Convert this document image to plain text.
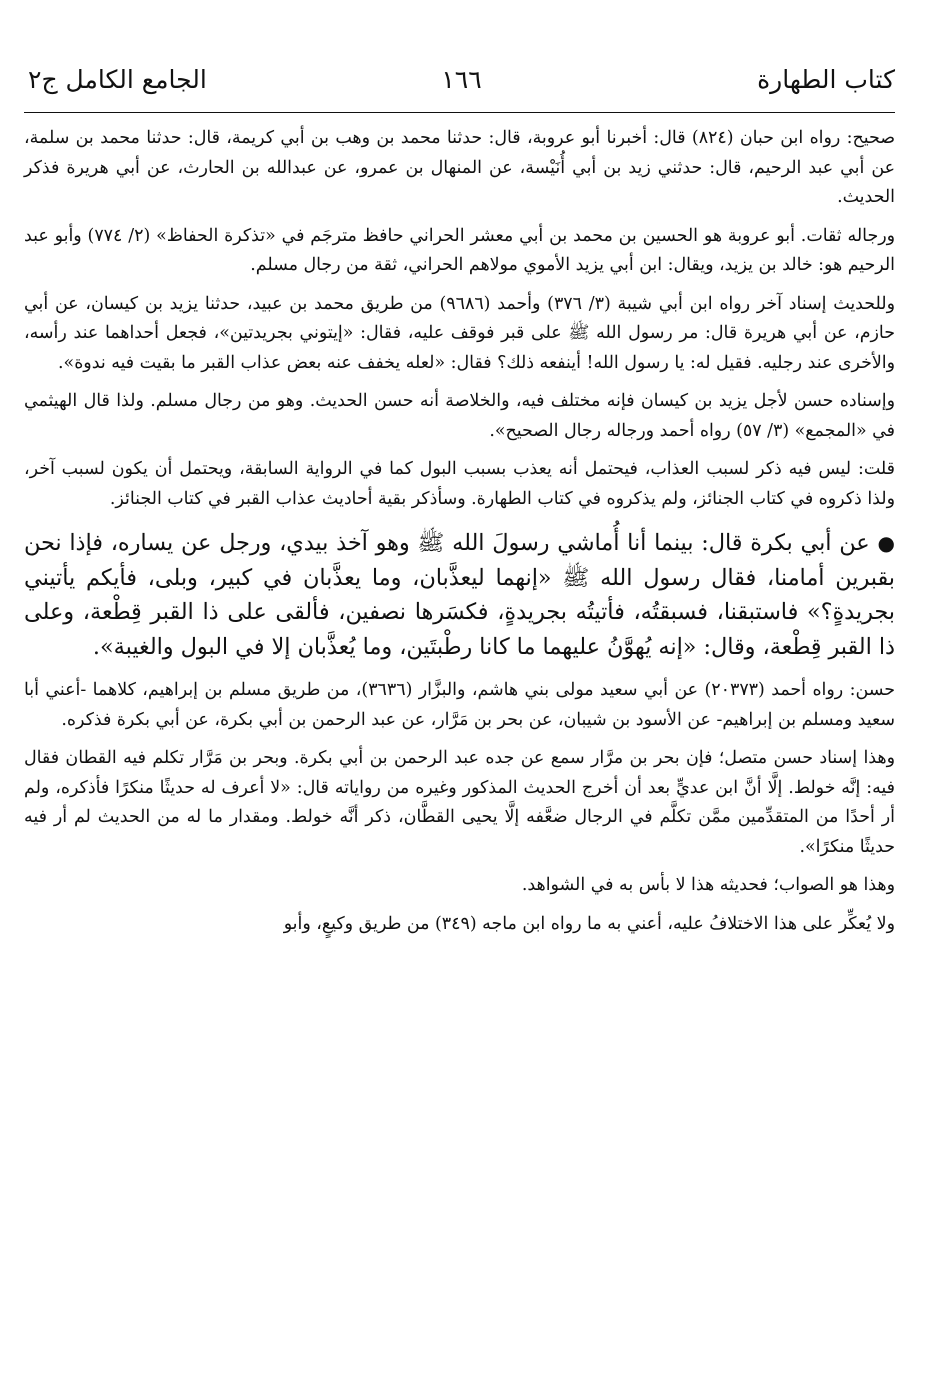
كتاب الطهارة
١٦٦
الجامع الكامل ج٢

صحيح: رواه ابن حبان (٨٢٤) قال: أخبرنا أبو عروبة، قال: حدثنا محمد بن وهب بن أبي كريمة، قال: حدثنا محمد بن سلمة، عن أبي عبد الرحيم، قال: حدثني زيد بن أبي أُنَيْسة، عن المنهال بن عمرو، عن عبدالله بن الحارث، عن أبي هريرة فذكر الحديث.

ورجاله ثقات. أبو عروبة هو الحسين بن محمد بن أبي معشر الحراني حافظ مترجَم في «تذكرة الحفاظ» (٢/ ٧٧٤) وأبو عبد الرحيم هو: خالد بن يزيد، ويقال: ابن أبي يزيد الأموي مولاهم الحراني، ثقة من رجال مسلم.

وللحديث إسناد آخر رواه ابن أبي شيبة (٣/ ٣٧٦) وأحمد (٩٦٨٦) من طريق محمد بن عبيد، حدثنا يزيد بن كيسان، عن أبي حازم، عن أبي هريرة قال: مر رسول الله ﷺ على قبر فوقف عليه، فقال: «إيتوني بجريدتين»، فجعل أحداهما عند رأسه، والأخرى عند رجليه. فقيل له: يا رسول الله! أينفعه ذلك؟ فقال: «لعله يخفف عنه بعض عذاب القبر ما بقيت فيه ندوة».

وإسناده حسن لأجل يزيد بن كيسان فإنه مختلف فيه، والخلاصة أنه حسن الحديث. وهو من رجال مسلم. ولذا قال الهيثمي في «المجمع» (٣/ ٥٧) رواه أحمد ورجاله رجال الصحيح».

قلت: ليس فيه ذكر لسبب العذاب، فيحتمل أنه يعذب بسبب البول كما في الرواية السابقة، ويحتمل أن يكون لسبب آخر، ولذا ذكروه في كتاب الجنائز، ولم يذكروه في كتاب الطهارة. وسأذكر بقية أحاديث عذاب القبر في كتاب الجنائز.

●عن أبي بكرة قال: بينما أنا أُماشي رسولَ الله ﷺ وهو آخذ بيدي، ورجل عن يساره، فإذا نحن بقبرين أمامنا، فقال رسول الله ﷺ «إنهما ليعذَّبان، وما يعذَّبان في كبير، وبلى، فأيكم يأتيني بجريدةٍ؟» فاستبقنا، فسبقتُه، فأتيتُه بجريدةٍ، فكسَرها نصفين، فألقى على ذا القبر قِطْعة، وعلى ذا القبر قِطْعة، وقال: «إنه يُهوَّنُ عليهما ما كانا رطْبتَين، وما يُعذَّبان إلا في البول والغيبة».

حسن: رواه أحمد (٢٠٣٧٣) عن أبي سعيد مولى بني هاشم، والبزَّار (٣٦٣٦)، من طريق مسلم بن إبراهيم، كلاهما -أعني أبا سعيد ومسلم بن إبراهيم- عن الأسود بن شيبان، عن بحر بن مَرَّار، عن عبد الرحمن بن أبي بكرة، عن أبي بكرة فذكره.

وهذا إسناد حسن متصل؛ فإن بحر بن مرَّار سمع عن جده عبد الرحمن بن أبي بكرة. وبحر بن مَرَّار تكلم فيه القطان فقال فيه: إنَّه خولط. إلَّا أنَّ ابن عديٍّ بعد أن أخرج الحديث المذكور وغيره من رواياته قال: «لا أعرف له حديثًا منكرًا فأذكره، ولم أر أحدًا من المتقدِّمين ممَّن تكلَّم في الرجال ضعَّفه إلَّا يحيى القطَّان، ذكر أنَّه خولط. ومقدار ما له من الحديث لم أر فيه حديثًا منكرًا».

وهذا هو الصواب؛ فحديثه هذا لا بأس به في الشواهد.

ولا يُعكِّر على هذا الاختلافُ عليه، أعني به ما رواه ابن ماجه (٣٤٩) من طريق وكيعٍ، وأبو
